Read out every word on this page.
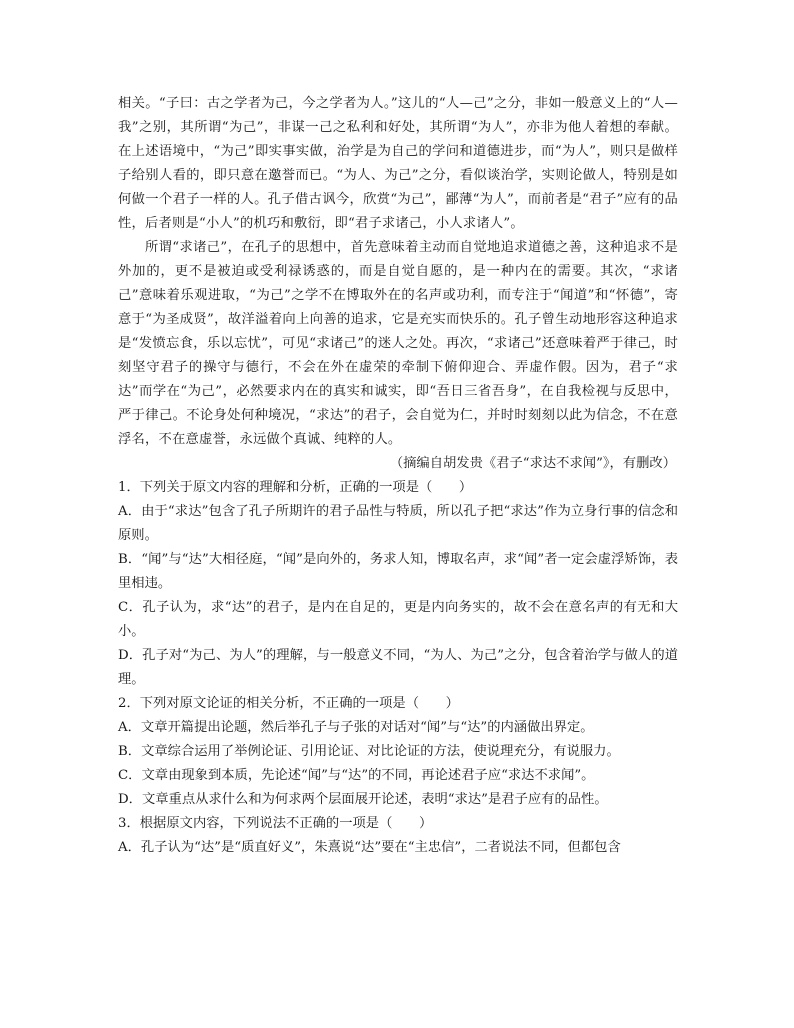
相关。“子曰：古之学者为己，今之学者为人。”这儿的“人—己”之分，非如一般意义上的“人—我”之别，其所谓“为己”，非谋一己之私利和好处，其所谓“为人”，亦非为他人着想的奉献。在上述语境中，“为己”即实事实做，治学是为自己的学问和道德进步，而“为人”，则只是做样子给别人看的，即只意在邀誉而已。“为人、为己”之分，看似谈治学，实则论做人，特别是如何做一个君子一样的人。孔子借古讽今，欣赏“为己”，鄙薄“为人”，而前者是“君子”应有的品性，后者则是“小人”的机巧和敷衍，即“君子求诸己，小人求诸人”。

所谓“求诸己”，在孔子的思想中，首先意味着主动而自觉地追求道德之善，这种追求不是外加的，更不是被迫或受利禄诱惑的，而是自觉自愿的，是一种内在的需要。其次，“求诸己”意味着乐观进取，“为己”之学不在博取外在的名声或功利，而专注于“闻道”和“怀德”，寄意于“为圣成贤”，故洋溢着向上向善的追求，它是充实而快乐的。孔子曾生动地形容这种追求是“发愤忘食，乐以忘忧”，可见“求诸己”的迷人之处。再次，“求诸己”还意味着严于律己，时刻坚守君子的操守与德行，不会在外在虚荣的牵制下俯仰迎合、弄虚作假。因为，君子“求达”而学在“为己”，必然要求内在的真实和诚实，即“吾日三省吾身”，在自我检视与反思中，严于律己。不论身处何种境况，“求达”的君子，会自觉为仁，并时时刻刻以此为信念，不在意浮名，不在意虚誉，永远做个真诚、纯粹的人。

（摘编自胡发贵《君子“求达不求闻”》，有删改）

1．下列关于原文内容的理解和分析，正确的一项是（　　）

A．由于“求达”包含了孔子所期许的君子品性与特质，所以孔子把“求达”作为立身行事的信念和原则。

B．“闻”与“达”大相径庭，“闻”是向外的，务求人知，博取名声，求“闻”者一定会虚浮矫饰，表里相违。

C．孔子认为，求“达”的君子，是内在自足的，更是内向务实的，故不会在意名声的有无和大小。

D．孔子对“为己、为人”的理解，与一般意义不同，“为人、为己”之分，包含着治学与做人的道理。

2．下列对原文论证的相关分析，不正确的一项是（　　）

A．文章开篇提出论题，然后举孔子与子张的对话对“闻”与“达”的内涵做出界定。

B．文章综合运用了举例论证、引用论证、对比论证的方法，使说理充分，有说服力。

C．文章由现象到本质，先论述“闻”与“达”的不同，再论述君子应“求达不求闻”。

D．文章重点从求什么和为何求两个层面展开论述，表明“求达”是君子应有的品性。

3．根据原文内容，下列说法不正确的一项是（　　）

A．孔子认为“达”是“质直好义”，朱熹说“达”要在“主忠信”，二者说法不同，但都包含
